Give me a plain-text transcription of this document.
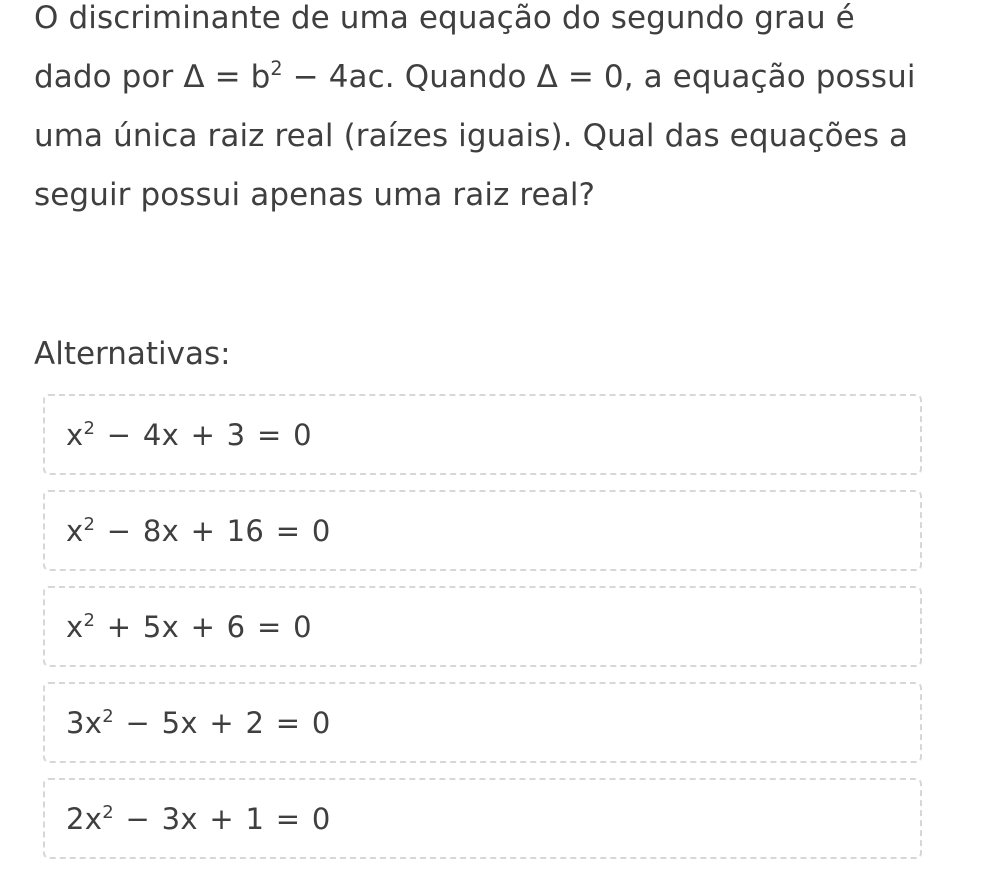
O discriminante de uma equação do segundo grau é dado por $\Delta = b^2 - 4ac$. Quando Δ = 0, a equação possui uma única raiz real (raízes iguais). Qual das equações a seguir possui apenas uma raiz real?

Alternativas:

$x^2 - 4x + 3 = 0$
$x^2 - 8x + 16 = 0$
$x^2 + 5x + 6 = 0$
$3x^2 - 5x + 2 = 0$
$2x^2 - 3x + 1 = 0$
